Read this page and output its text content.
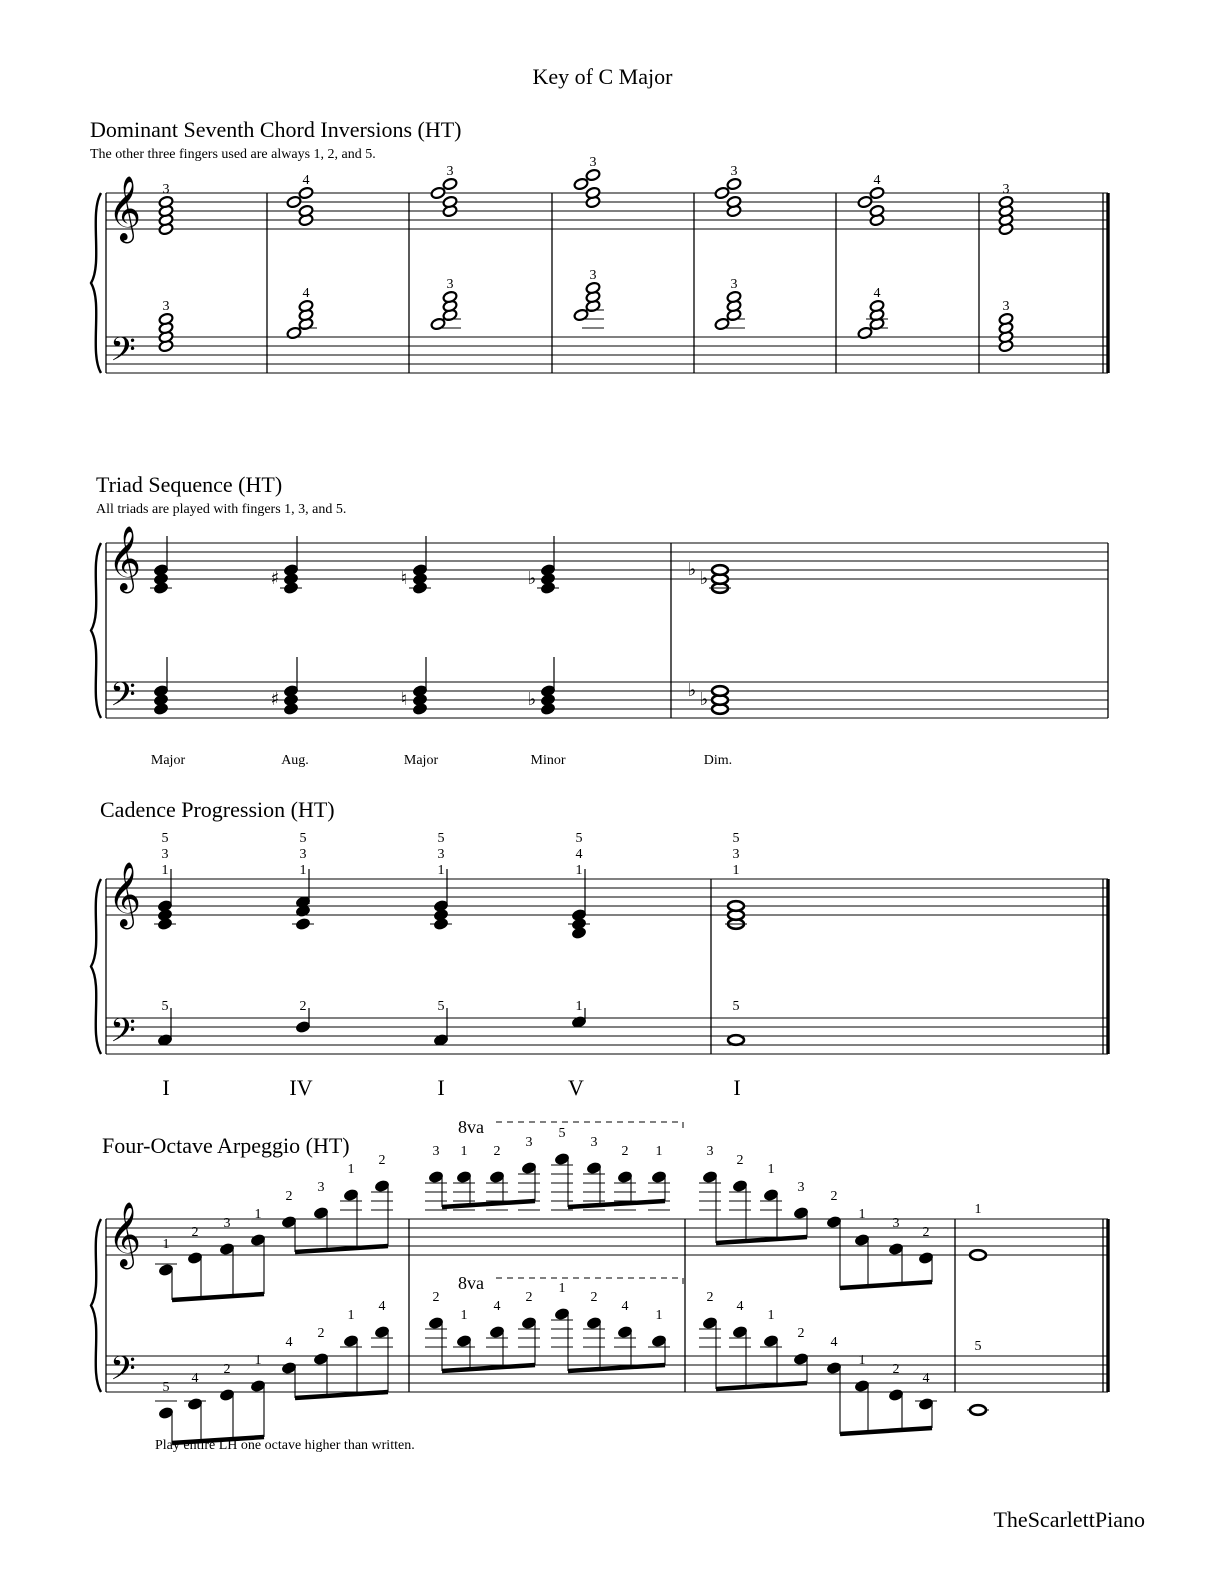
Key of C Major
Dominant Seventh Chord Inversions (HT)
The other three fingers used are always 1, 2, and 5.
Triad Sequence (HT)
All triads are played with fingers 1, 3, and 5.
Cadence Progression (HT)
Four-Octave Arpeggio (HT)
𝄞
𝄢
3
3
4
4
3
3
3
3
3
3
4
4
3
3
𝄞
𝄢
Major
♯
♯
Aug.
♮
♮
Major
♭
♭
Minor
♭
♭
♭
♭
Dim.
𝄞
𝄢
5
3
1
5
I
5
3
1
2
IV
5
3
1
5
I
5
4
1
1
V
5
3
1
5
I
𝄞
𝄢
8va
8va
1
2
3
1
2
3
1
2
3 1 2
3
5
3
2 1	3
2
1
3
2
1
3
2
5
4
2
1
4
2
1
4
2
1
4
2
1
2
4
1
2
4
1
2
4
1
2
4
1
5
Play entire LH one octave higher than written.
TheScarlettPiano
